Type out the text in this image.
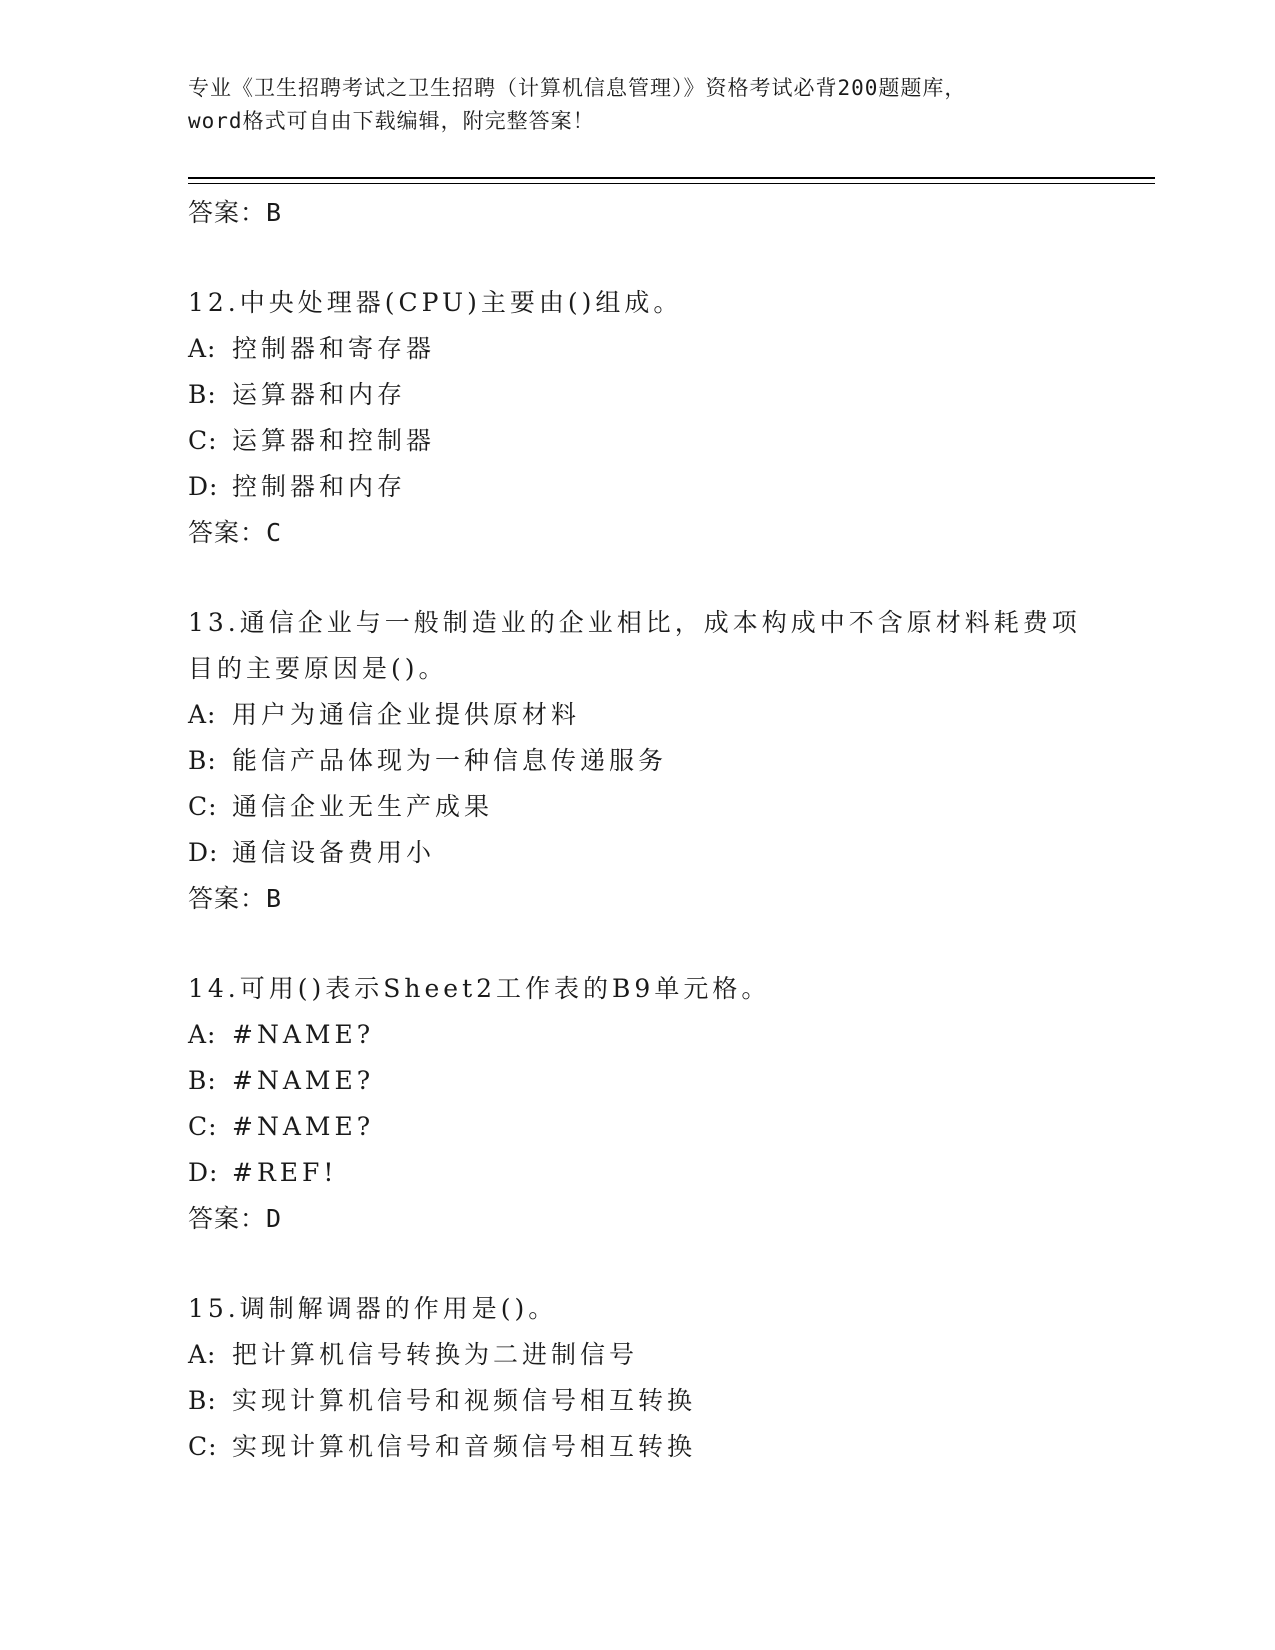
专业《卫生招聘考试之卫生招聘（计算机信息管理）》资格考试必背200题题库，
word格式可自由下载编辑，附完整答案！
答案：B
12.中央处理器(CPU)主要由()组成。
A: 控制器和寄存器
B: 运算器和内存
C: 运算器和控制器
D: 控制器和内存
答案：C
13.通信企业与一般制造业的企业相比，成本构成中不含原材料耗费项
目的主要原因是()。
A: 用户为通信企业提供原材料
B: 能信产品体现为一种信息传递服务
C: 通信企业无生产成果
D: 通信设备费用小
答案：B
14.可用()表示Sheet2工作表的B9单元格。
A: #NAME?
B: #NAME?
C: #NAME?
D: #REF!
答案：D
15.调制解调器的作用是()。
A: 把计算机信号转换为二进制信号
B: 实现计算机信号和视频信号相互转换
C: 实现计算机信号和音频信号相互转换
